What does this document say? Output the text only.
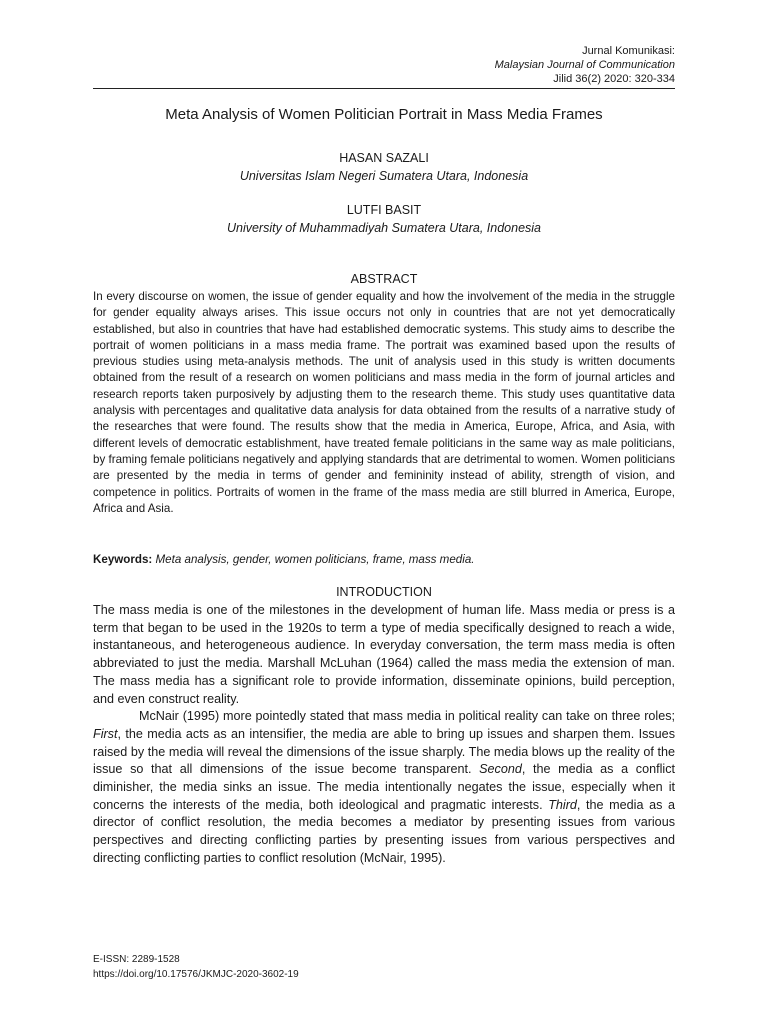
Jurnal Komunikasi:
Malaysian Journal of Communication
Jilid 36(2) 2020: 320-334
Meta Analysis of Women Politician Portrait in Mass Media Frames
HASAN SAZALI
Universitas Islam Negeri Sumatera Utara, Indonesia
LUTFI BASIT
University of Muhammadiyah Sumatera Utara, Indonesia
ABSTRACT

In every discourse on women, the issue of gender equality and how the involvement of the media in the struggle for gender equality always arises. This issue occurs not only in countries that are not yet democratically established, but also in countries that have had established democratic systems. This study aims to describe the portrait of women politicians in a mass media frame. The portrait was examined based upon the results of previous studies using meta-analysis methods. The unit of analysis used in this study is written documents obtained from the result of a research on women politicians and mass media in the form of journal articles and research reports taken purposively by adjusting them to the research theme. This study uses quantitative data analysis with percentages and qualitative data analysis for data obtained from the results of a narrative study of the researches that were found. The results show that the media in America, Europe, Africa, and Asia, with different levels of democratic establishment, have treated female politicians in the same way as male politicians, by framing female politicians negatively and applying standards that are detrimental to women. Women politicians are presented by the media in terms of gender and femininity instead of ability, strength of vision, and competence in politics. Portraits of women in the frame of the mass media are still blurred in America, Europe, Africa and Asia.

Keywords: Meta analysis, gender, women politicians, frame, mass media.

INTRODUCTION

The mass media is one of the milestones in the development of human life. Mass media or press is a term that began to be used in the 1920s to term a type of media specifically designed to reach a wide, instantaneous, and heterogeneous audience. In everyday conversation, the term mass media is often abbreviated to just the media. Marshall McLuhan (1964) called the mass media the extension of man. The mass media has a significant role to provide information, disseminate opinions, build perception, and even construct reality.

McNair (1995) more pointedly stated that mass media in political reality can take on three roles; First, the media acts as an intensifier, the media are able to bring up issues and sharpen them. Issues raised by the media will reveal the dimensions of the issue sharply. The media blows up the reality of the issue so that all dimensions of the issue become transparent. Second, the media as a conflict diminisher, the media sinks an issue. The media intentionally negates the issue, especially when it concerns the interests of the media, both ideological and pragmatic interests. Third, the media as a director of conflict resolution, the media becomes a mediator by presenting issues from various perspectives and directing conflicting parties by presenting issues from various perspectives and directing conflicting parties to conflict resolution (McNair, 1995).

E-ISSN: 2289-1528
https://doi.org/10.17576/JKMJC-2020-3602-19
